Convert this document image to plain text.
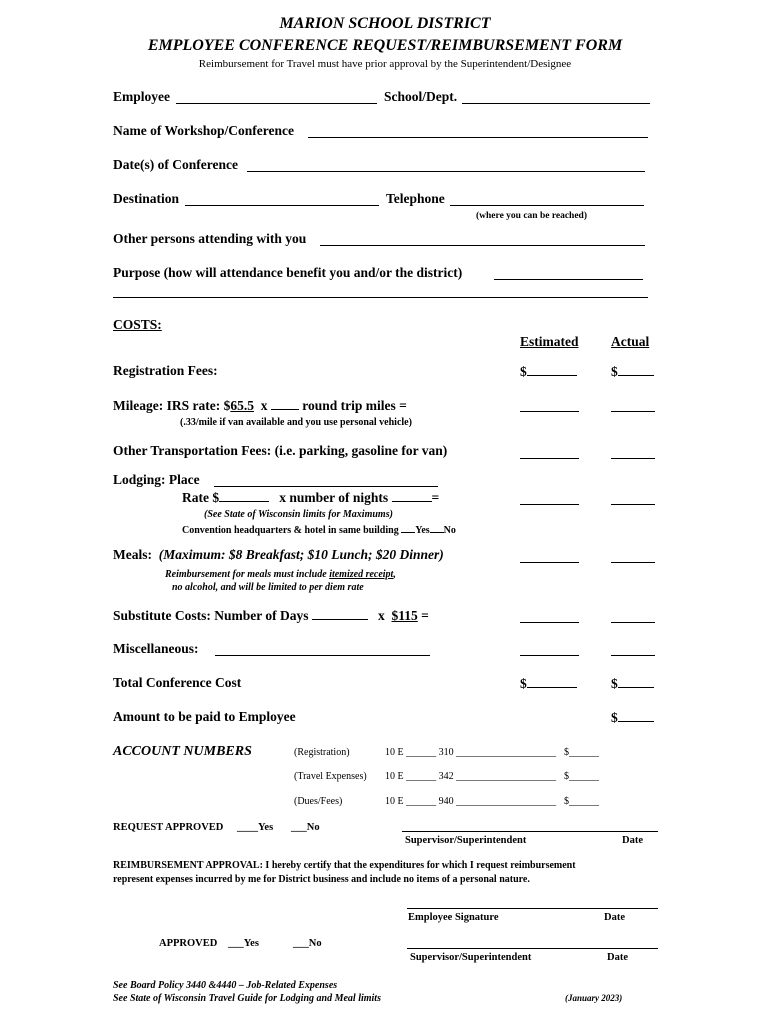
MARION SCHOOL DISTRICT
EMPLOYEE CONFERENCE REQUEST/REIMBURSEMENT FORM
Reimbursement for Travel must have prior approval by the Superintendent/Designee
Employee	School/Dept.
Name of Workshop/Conference
Date(s) of Conference
Destination	Telephone
(where you can be reached)
Other persons attending with you
Purpose (how will attendance benefit you and/or the district)
COSTS:
Estimated Actual
Registration Fees:	$	$
Mileage: IRS rate: $65.5 x	round trip miles =
(.33/mile if van available and you use personal vehicle)
Other Transportation Fees: (i.e. parking, gasoline for van)
Lodging: Place
Rate $	x number of nights	=
(See State of Wisconsin limits for Maximums)
Convention headquarters & hotel in same building Yes No
Meals: (Maximum: $8 Breakfast; $10 Lunch; $20 Dinner)
Reimbursement for meals must include itemized receipt,
no alcohol, and will be limited to per diem rate
Substitute Costs: Number of Days	x $115 =
Miscellaneous:
Total Conference Cost	$	$
Amount to be paid to Employee	$
ACCOUNT NUMBERS	(Registration)	10 E ______ 310 ____________________ $______
(Travel Expenses) 10 E ______ 342 ____________________ $______
(Dues/Fees)	10 E ______ 940 ____________________ $______
REQUEST APPROVED ____Yes ___No
Supervisor/Superintendent	Date
REIMBURSEMENT APPROVAL: I hereby certify that the expenditures for which I request reimbursement
represent expenses incurred by me for District business and include no items of a personal nature.
Employee Signature	Date
APPROVED ___Yes	___No
Supervisor/Superintendent	Date
See Board Policy 3440 &4440 – Job-Related Expenses
See State of Wisconsin Travel Guide for Lodging and Meal limits	(January 2023)
